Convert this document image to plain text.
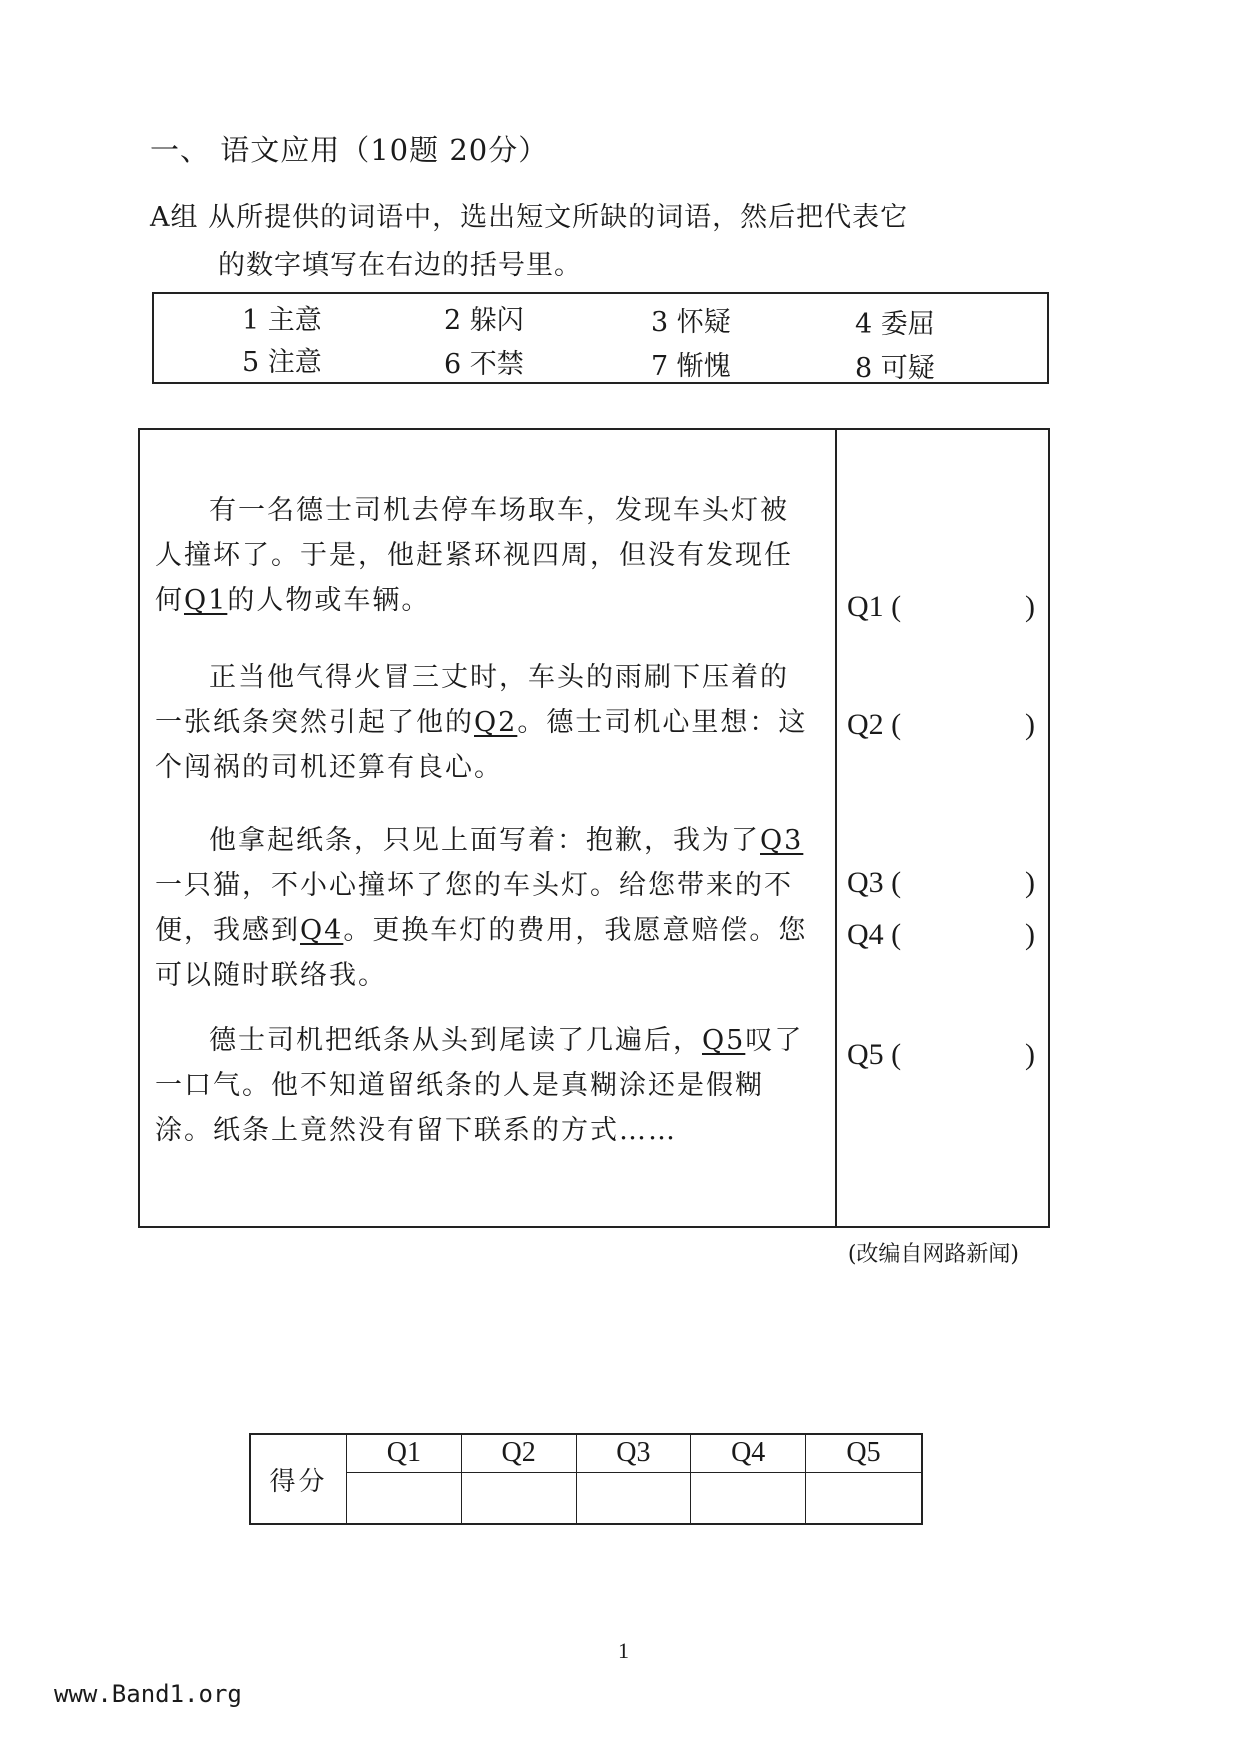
一、 语文应用（10题 20分）
A组 从所提供的词语中，选出短文所缺的词语，然后把代表它
的数字填写在右边的括号里。
1 主意	2 躲闪	3 怀疑	4 委屈
5 注意	6 不禁	7 惭愧	8 可疑

有一名德士司机去停车场取车，发现车头灯被人撞坏了。于是，他赶紧环视四周，但没有发现任何Q1的人物或车辆。

正当他气得火冒三丈时，车头的雨刷下压着的一张纸条突然引起了他的Q2。德士司机心里想：这个闯祸的司机还算有良心。

他拿起纸条，只见上面写着：抱歉，我为了Q3一只猫，不小心撞坏了您的车头灯。给您带来的不便，我感到Q4。更换车灯的费用，我愿意赔偿。您可以随时联络我。

德士司机把纸条从头到尾读了几遍后，Q5叹了一口气。他不知道留纸条的人是真糊涂还是假糊涂。纸条上竟然没有留下联系的方式……

Q1 (	)
Q2 (	)
Q3 (	)
Q4 (	)
Q5 (	)
(改编自网路新闻)
得分	Q1	Q2	Q3	Q4	Q5

1
www.Band1.org
